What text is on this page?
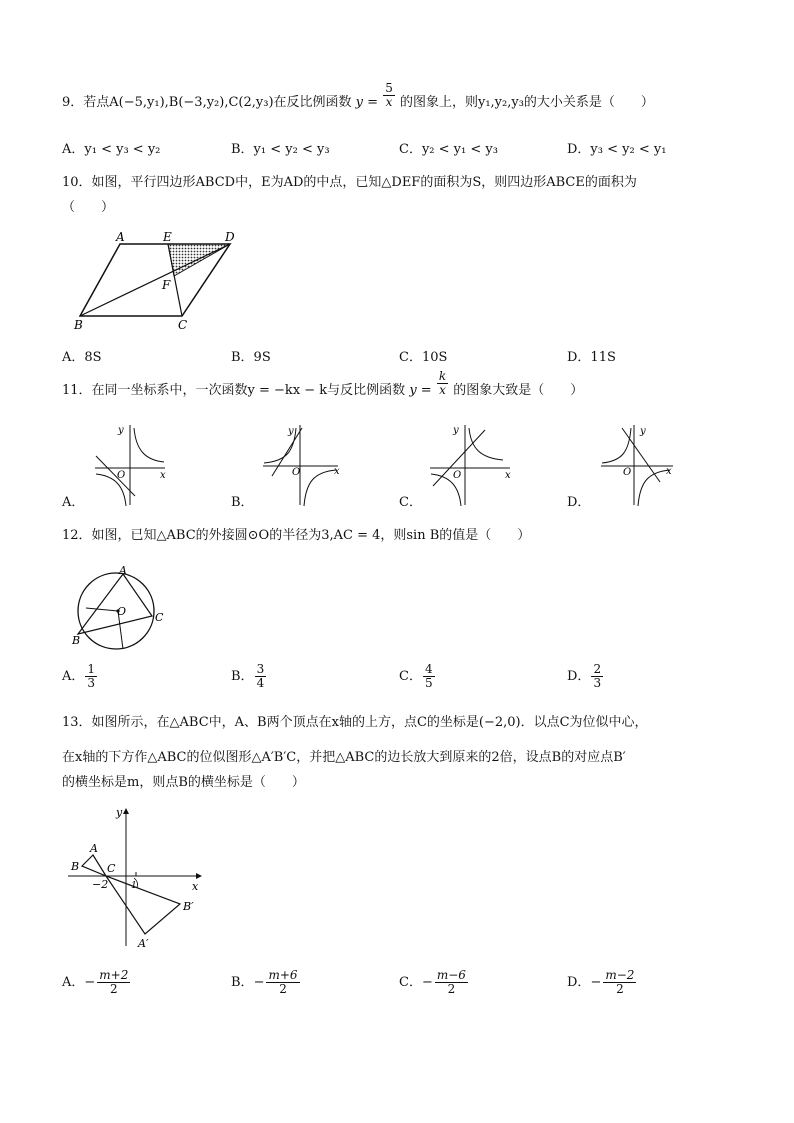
9．若点A(−5,y₁),B(−3,y₂),C(2,y₃)在反比例函数 $y = \frac{5}{x}$ 的图象上，则y₁,y₂,y₃的大小关系是（　　）
A．y₁ < y₃ < y₂	B．y₁ < y₂ < y₃	C．y₂ < y₁ < y₃	D．y₃ < y₂ < y₁
10．如图，平行四边形ABCD中，E为AD的中点，已知△DEF的面积为S，则四边形ABCE的面积为
（　　）
A	E	D
F
B	C
A．8S	B．9S	C．10S	D．11S
11．在同一坐标系中，一次函数y = −kx − k与反比例函数 $y = \frac{k}{x}$ 的图象大致是（　　）
y
x
O
y
x
O
y
x
O
y
x
O
A．	B．	C．	D．
12．如图，已知△ABC的外接圆⊙O的半径为3,AC = 4，则sin B的值是（　　）
A
O	C
B
A． $\frac{1}{3}$	B． $\frac{3}{4}$	C． $\frac{4}{5}$	D． $\frac{2}{3}$
13．如图所示，在△ABC中，A、B两个顶点在x轴的上方，点C的坐标是(−2,0)．以点C为位似中心，
在x轴的下方作△ABC的位似图形△A′B′C，并把△ABC的边长放大到原来的2倍，设点B的对应点B′
的横坐标是m，则点B的横坐标是（　　）
y
A
B	C
−2	1	x
B′
A′
A．− $\frac{m+2}{2}$	B．− $\frac{m+6}{2}$	C．− $\frac{m-6}{2}$	D．− $\frac{m-2}{2}$
